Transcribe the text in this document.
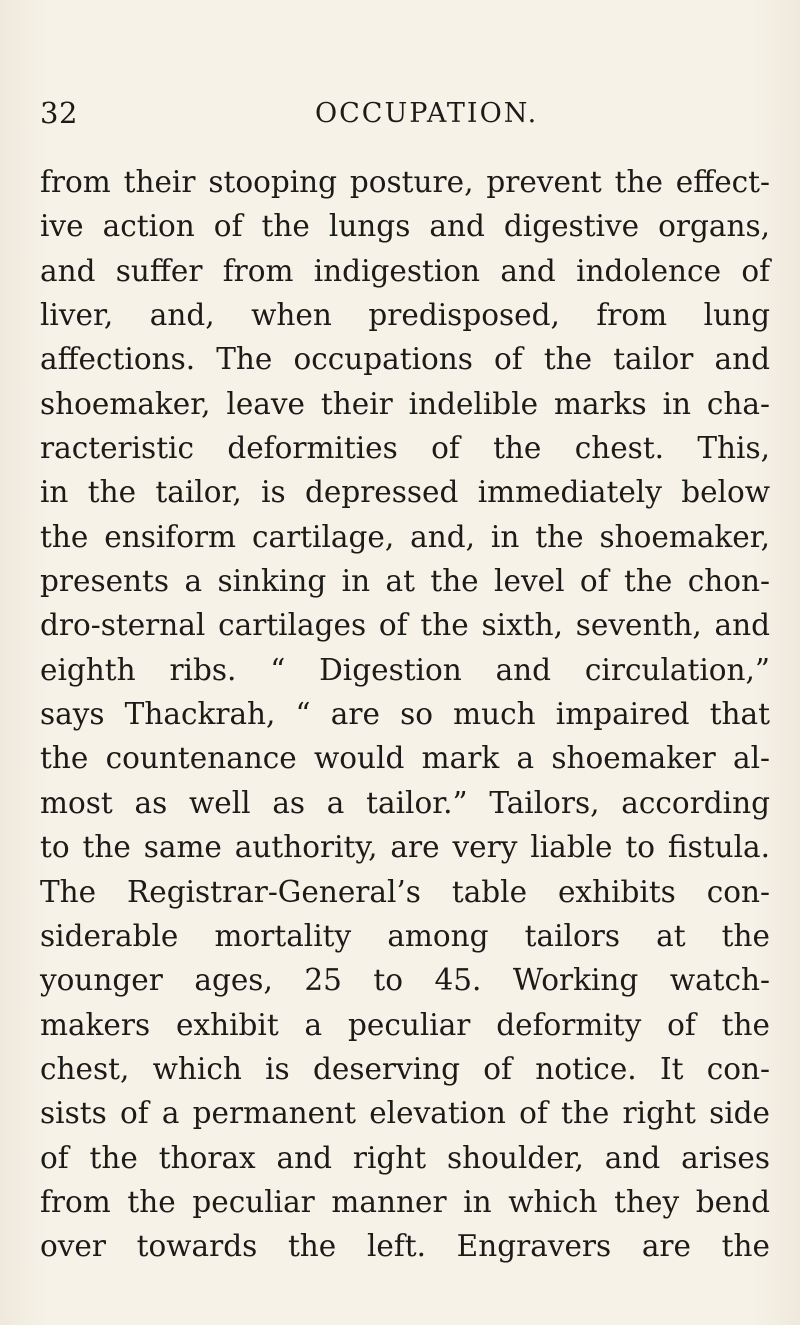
32	OCCUPATION.
from their stooping posture, prevent the effect-
ive action of the lungs and digestive organs,
and suffer from indigestion and indolence of
liver, and, when predisposed, from lung
affections. The occupations of the tailor and
shoemaker, leave their indelible marks in cha-
racteristic deformities of the chest. This,
in the tailor, is depressed immediately below
the ensiform cartilage, and, in the shoemaker,
presents a sinking in at the level of the chon-
dro-sternal cartilages of the sixth, seventh, and
eighth ribs. “ Digestion and circulation,”
says Thackrah, “ are so much impaired that
the countenance would mark a shoemaker al-
most as well as a tailor.” Tailors, according
to the same authority, are very liable to fistula.
The Registrar-General’s table exhibits con-
siderable mortality among tailors at the
younger ages, 25 to 45. Working watch-
makers exhibit a peculiar deformity of the
chest, which is deserving of notice. It con-
sists of a permanent elevation of the right side
of the thorax and right shoulder, and arises
from the peculiar manner in which they bend
over towards the left. Engravers are the
